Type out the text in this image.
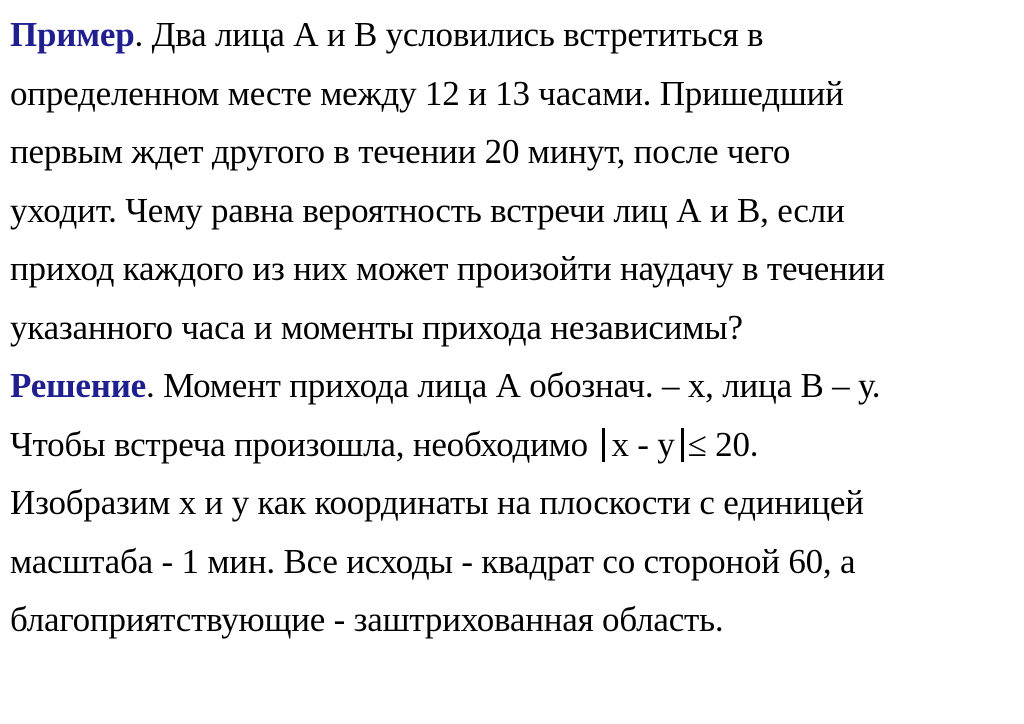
Пример. Два лица А и В условились встретиться в
определенном месте между 12 и 13 часами. Пришедший
первым ждет другого в течении 20 минут, после чего
уходит. Чему равна вероятность встречи лиц А и В, если
приход каждого из них может произойти наудачу в течении
указанного часа и моменты прихода независимы?
Решение. Момент прихода лица А обознач. – х, лица В – у.
Чтобы встреча произошла, необходимо х - у ≤ 20.
Изобразим х и у как координаты на плоскости с единицей
масштаба - 1 мин. Все исходы - квадрат со стороной 60, а
благоприятствующие - заштрихованная область.
